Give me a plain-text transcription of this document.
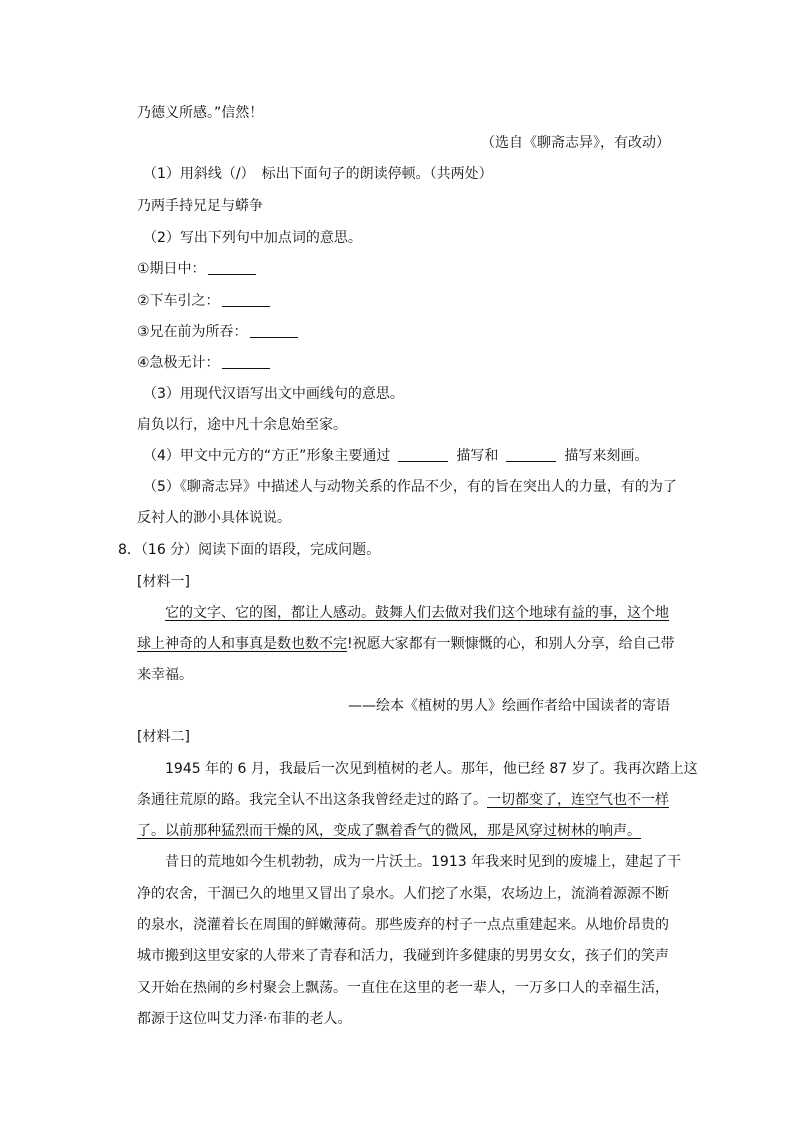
乃德义所感。”信然！
（选自《聊斋志异》，有改动）
（1）用斜线（/）　标出下面句子的朗读停顿。（共两处）
乃两手持兄足与蟒争
（2）写出下列句中加点词的意思。
①期日中：
②下车引之：
③兄在前为所吞：
④急极无计：
（3）用现代汉语写出文中画线句的意思。
肩负以行，途中凡十余息始至家。
（4）甲文中元方的“方正”形象主要通过	描写和	描写来刻画。
（5）《聊斋志异》中描述人与动物关系的作品不少，有的旨在突出人的力量，有的为了
反衬人的渺小具体说说。
8．（16 分）阅读下面的语段，完成问题。
[材料一]
它的文字、它的图，都让人感动。鼓舞人们去做对我们这个地球有益的事，这个地
球上神奇的人和事真是数也数不完!祝愿大家都有一颗慷慨的心，和别人分享，给自己带
来幸福。
——绘本《植树的男人》绘画作者给中国读者的寄语
[材料二]
1945 年的 6 月，我最后一次见到植树的老人。那年，他已经 87 岁了。我再次踏上这
条通往荒原的路。我完全认不出这条我曾经走过的路了。一切都变了，连空气也不一样
了。以前那种猛烈而干燥的风，变成了飘着香气的微风，那是风穿过树林的响声。
昔日的荒地如今生机勃勃，成为一片沃土。1913 年我来时见到的废墟上，建起了干
净的农舍，干涸已久的地里又冒出了泉水。人们挖了水渠，农场边上，流淌着源源不断
的泉水，浇灌着长在周围的鲜嫩薄荷。那些废弃的村子一点点重建起来。从地价昂贵的
城市搬到这里安家的人带来了青春和活力，我碰到许多健康的男男女女，孩子们的笑声
又开始在热闹的乡村聚会上飘荡。一直住在这里的老一辈人，一万多口人的幸福生活，
都源于这位叫艾力泽·布菲的老人。
